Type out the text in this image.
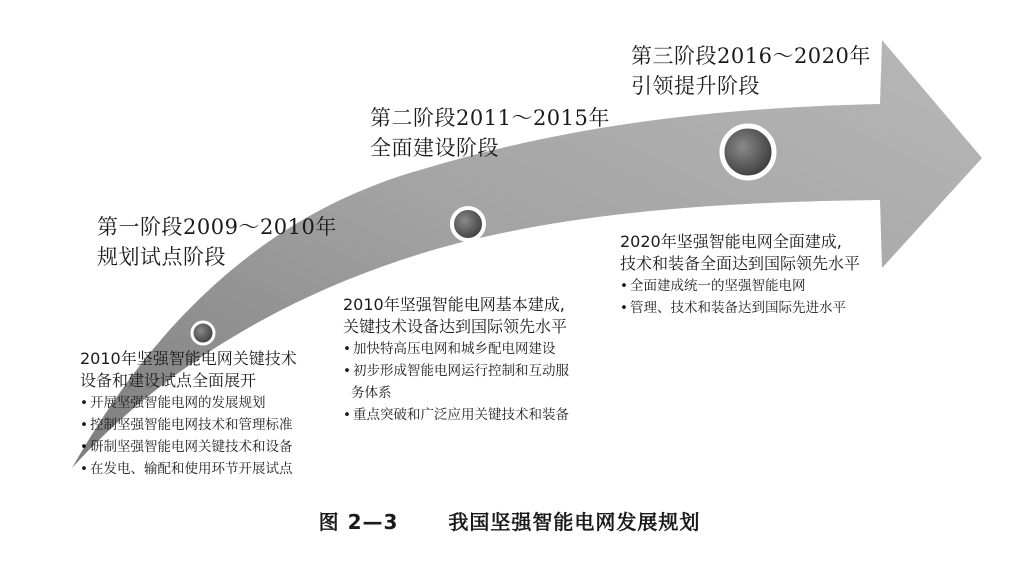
第一阶段2009～2010年
规划试点阶段
第二阶段2011～2015年
全面建设阶段
第三阶段2016～2020年
引领提升阶段
2010年坚强智能电网关键技术
设备和建设试点全面展开
• 开展坚强智能电网的发展规划
• 控制坚强智能电网技术和管理标准
• 研制坚强智能电网关键技术和设备
• 在发电、输配和使用环节开展试点
2010年坚强智能电网基本建成,
关键技术设备达到国际领先水平
• 加快特高压电网和城乡配电网建设
• 初步形成智能电网运行控制和互动服
务体系
• 重点突破和广泛应用关键技术和装备
2020年坚强智能电网全面建成,
技术和装备全面达到国际领先水平
• 全面建成统一的坚强智能电网
• 管理、技术和装备达到国际先进水平
图 2—3 我国坚强智能电网发展规划
